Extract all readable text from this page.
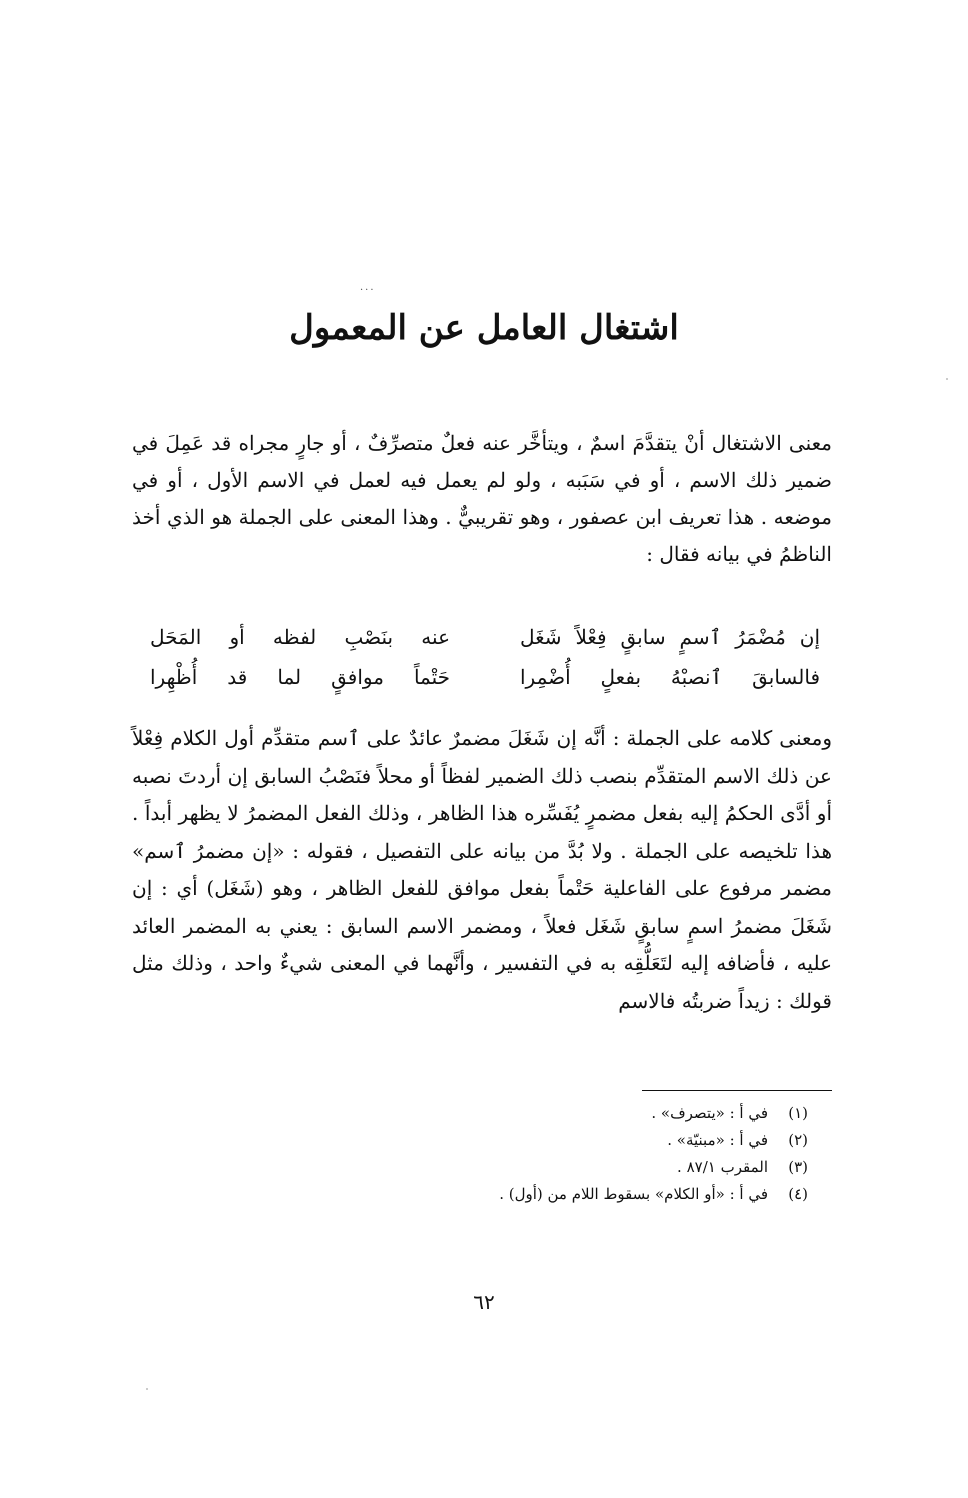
···
اشتغال العامل عن المعمول

معنى الاشتغال أنْ يتقدَّمَ اسمٌ ، ويتأخَّر عنه فعلٌ متصرِّفٌ ، أو جارٍ مجراه قد عَمِلَ في ضمير ذلك الاسم ، أو في سَبَبه ، ولو لم يعمل فيه لعمل في الاسم الأول ، أو في موضعه . هذا تعريف ابن عصفور ، وهو تقريبيٌّ . وهذا المعنى على الجملة هو الذي أخذ الناظمُ في بيانه فقال :

إن مُضْمَرُ ٱسمٍ سابقٍ فِعْلاً شَغَل
عنه بنَصْبِ لفظه أو المَحَل
فالسابقَ ٱنصبْهُ بفعلٍ أُضْمِرا
حَتْماً موافقٍ لما قد أُظْهِرا

ومعنى كلامه على الجملة : أنَّه إن شَغَلَ مضمرٌ عائدٌ على ٱسم متقدِّم أول الكلام فِعْلاً عن ذلك الاسم المتقدِّم بنصب ذلك الضمير لفظاً أو محلاً فنَصْبُ السابق إن أردتَ نصبه أو أدَّى الحكمُ إليه بفعل مضمرٍ يُفَسِّره هذا الظاهر ، وذلك الفعل المضمرُ لا يظهر أبداً . هذا تلخيصه على الجملة . ولا بُدَّ من بيانه على التفصيل ، فقوله : «إن مضمرُ ٱسم» مضمر مرفوع على الفاعلية حَتْماً بفعل موافق للفعل الظاهر ، وهو (شَغَل) أي : إن شَغَلَ مضمرُ اسمٍ سابقٍ شَغَل فعلاً ، ومضمر الاسم السابق : يعني به المضمر العائد عليه ، فأضافه إليه لتَعَلُّقِه به في التفسير ، وأنَّهما في المعنى شيءٌ واحد ، وذلك مثل قولك : زيداً ضربتُه فالاسم

(١)
في أ : «يتصرف» .
(٢)
في أ : «مبنيّة» .
(٣)
المقرب ٨٧/١ .
(٤)
في أ : «أو الكلام» بسقوط اللام من (أول) .
٦٢
